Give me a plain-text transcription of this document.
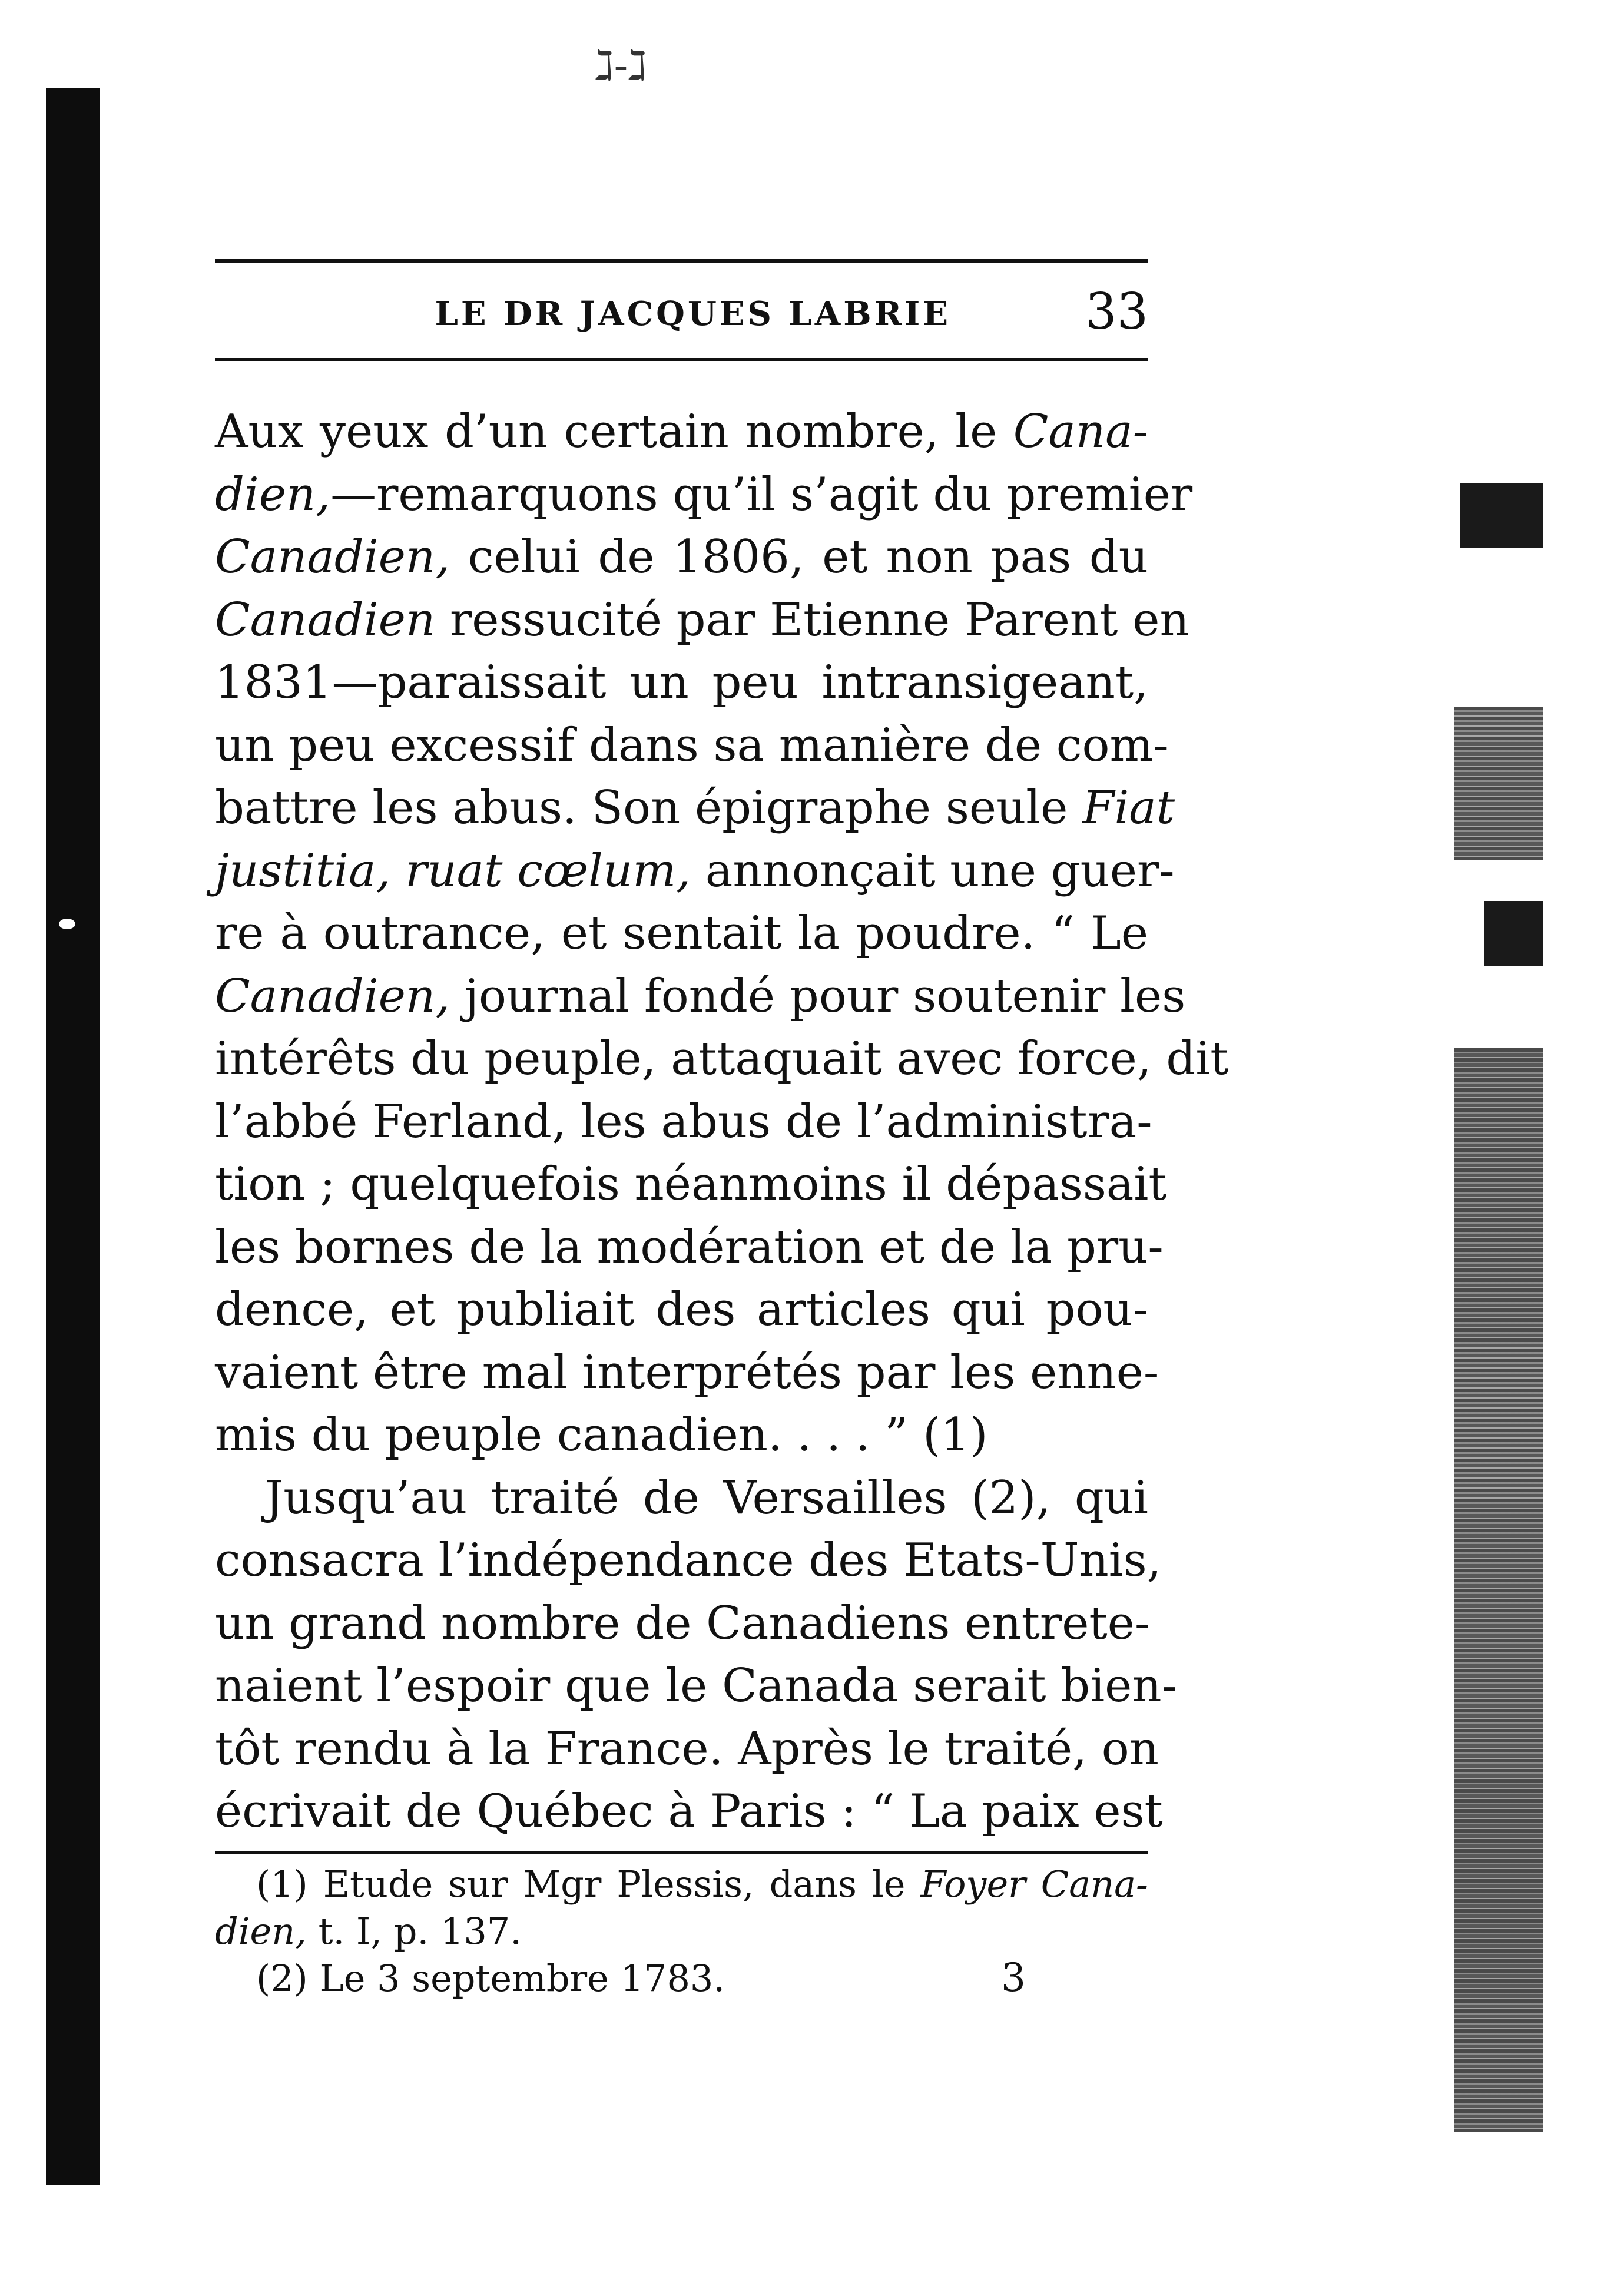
ℷ-ℷ
LE DR JACQUES LABRIE	33
Aux yeux d’un certain nombre, le Cana-
dien,—remarquons qu’il s’agit du premier
Canadien, celui de 1806, et non pas du
Canadien ressucité par Etienne Parent en
1831—paraissait un peu intransigeant,
un peu excessif dans sa manière de com-
battre les abus. Son épigraphe seule Fiat
justitia, ruat cœlum, annonçait une guer-
re à outrance, et sentait la poudre. “ Le
Canadien, journal fondé pour soutenir les
intérêts du peuple, attaquait avec force, dit
l’abbé Ferland, les abus de l’administra-
tion ; quelquefois néanmoins il dépassait
les bornes de la modération et de la pru-
dence, et publiait des articles qui pou-
vaient être mal interprétés par les enne-
mis du peuple canadien. . . . ” (1)
Jusqu’au traité de Versailles (2), qui
consacra l’indépendance des Etats-Unis,
un grand nombre de Canadiens entrete-
naient l’espoir que le Canada serait bien-
tôt rendu à la France. Après le traité, on
écrivait de Québec à Paris : “ La paix est
(1) Etude sur Mgr Plessis, dans le Foyer Cana-
dien, t. I, p. 137.
(2) Le 3 septembre 1783.	3
